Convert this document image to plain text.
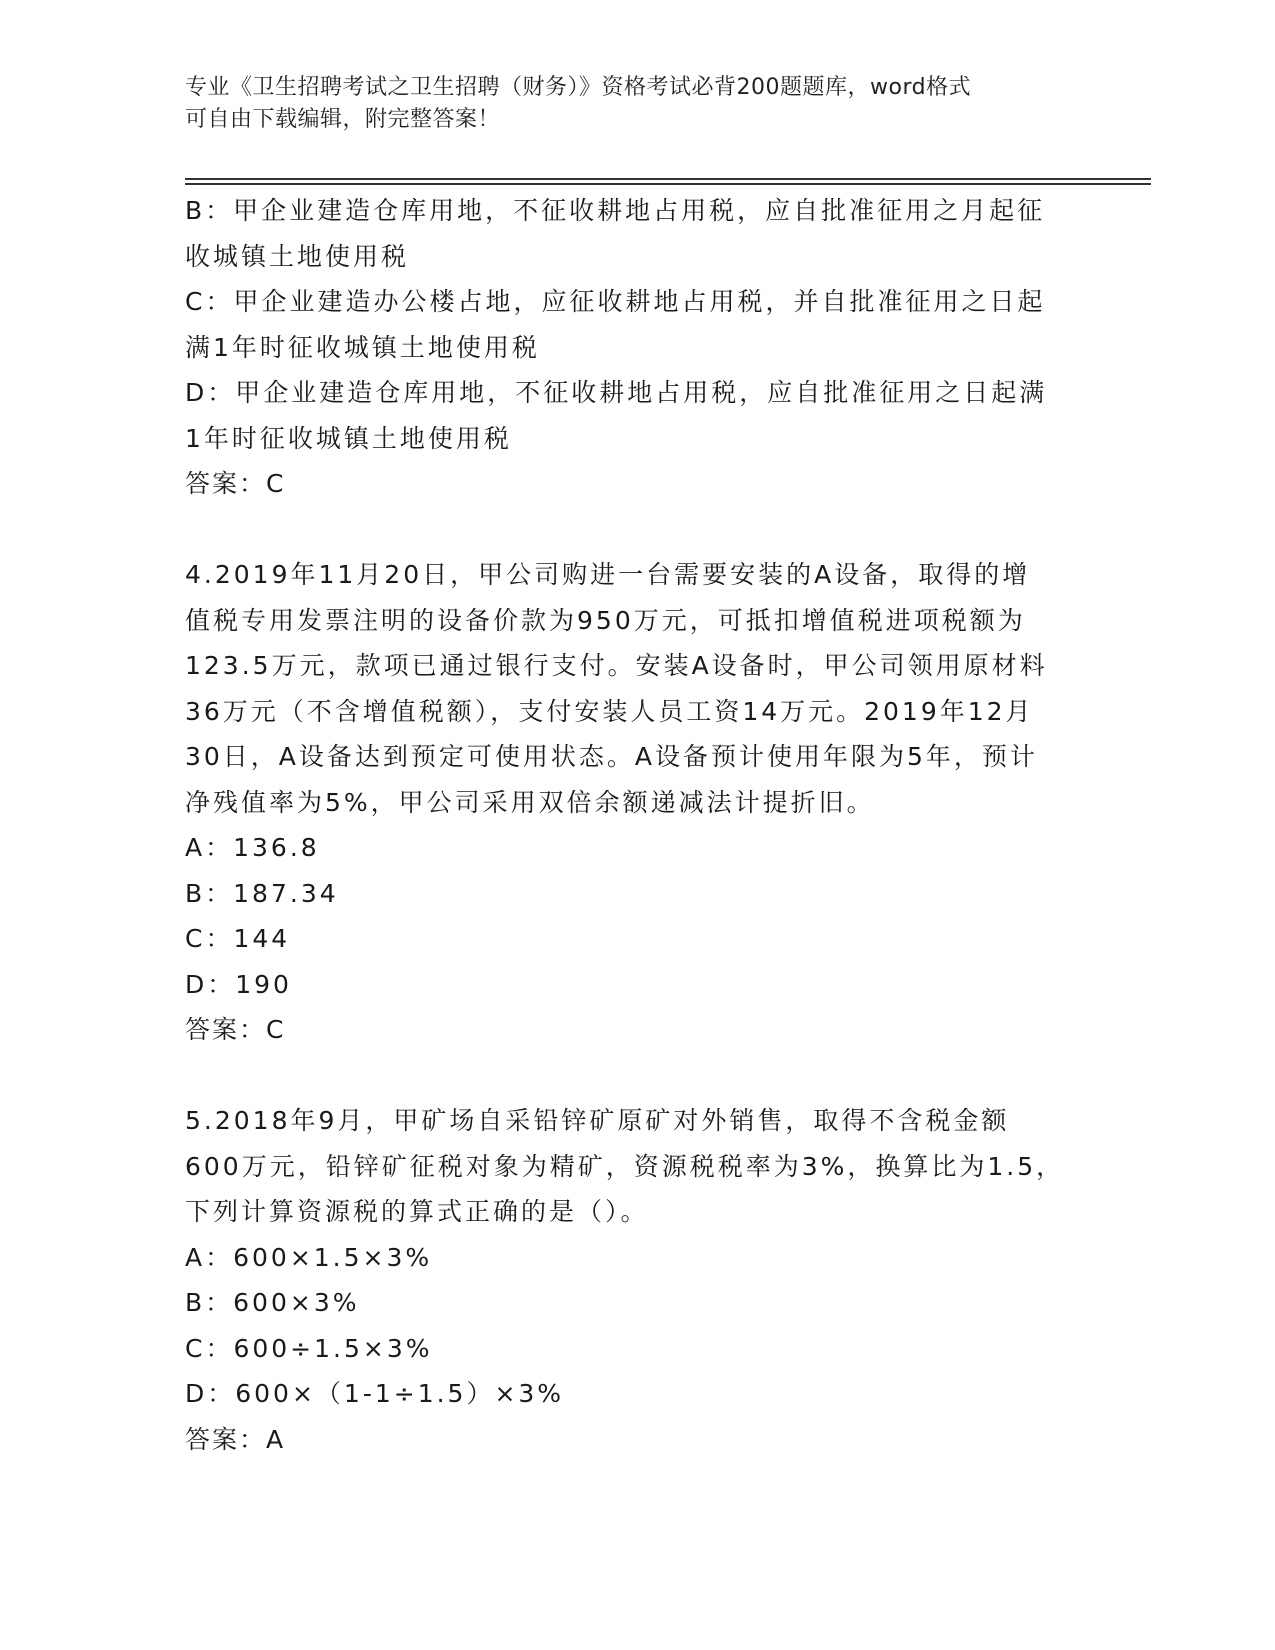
专业《卫生招聘考试之卫生招聘（财务）》资格考试必背200题题库，word格式
可自由下载编辑，附完整答案！
B：甲企业建造仓库用地，不征收耕地占用税，应自批准征用之月起征
收城镇土地使用税
C：甲企业建造办公楼占地，应征收耕地占用税，并自批准征用之日起
满1年时征收城镇土地使用税
D：甲企业建造仓库用地，不征收耕地占用税，应自批准征用之日起满
1年时征收城镇土地使用税
答案：C
4.2019年11月20日，甲公司购进一台需要安装的A设备，取得的增
值税专用发票注明的设备价款为950万元，可抵扣增值税进项税额为
123.5万元，款项已通过银行支付。安装A设备时，甲公司领用原材料
36万元（不含增值税额），支付安装人员工资14万元。2019年12月
30日，A设备达到预定可使用状态。A设备预计使用年限为5年，预计
净残值率为5%，甲公司采用双倍余额递减法计提折旧。
A：136.8
B：187.34
C：144
D：190
答案：C
5.2018年9月，甲矿场自采铅锌矿原矿对外销售，取得不含税金额
600万元，铅锌矿征税对象为精矿，资源税税率为3%，换算比为1.5，
下列计算资源税的算式正确的是（）。
A：600×1.5×3%
B：600×3%
C：600÷1.5×3%
D：600×（1-1÷1.5）×3%
答案：A
